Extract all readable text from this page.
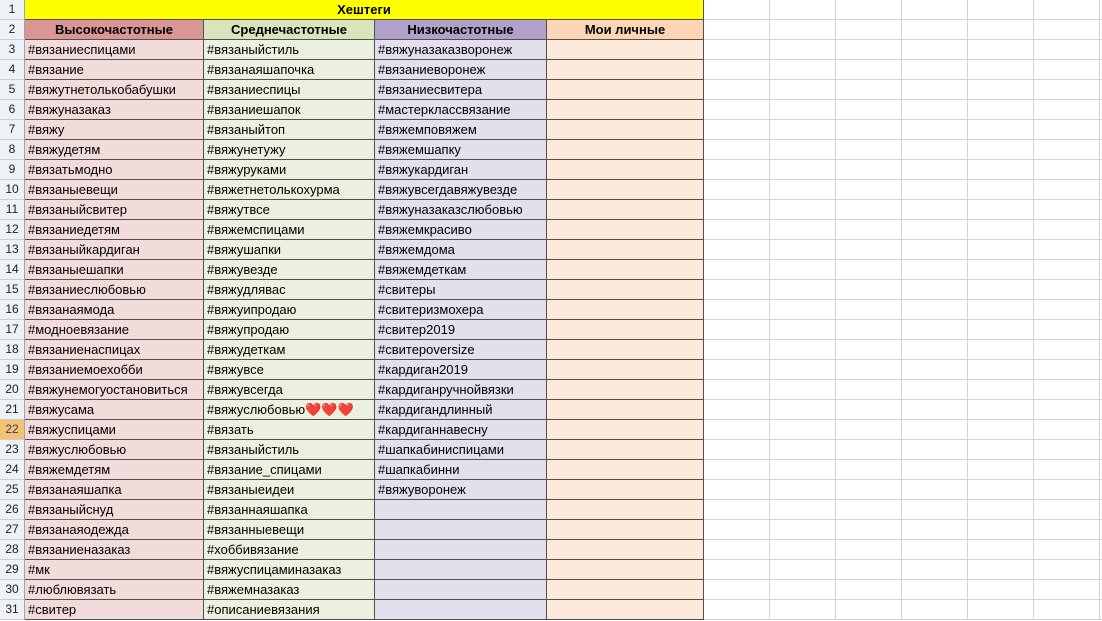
1	Хештеги
2	Высокочастотные	Среднечастотные	Низкочастотные	Мои личные
3 #вязаниеспицами	#вязаныйстиль	#вяжуназаказворонеж
4 #вязание	#вязанаяшапочка	#вязаниеворонеж
5 #вяжутнетолькобабушки	#вязаниеспицы	#вязаниесвитера
6 #вяжуназаказ	#вязаниешапок	#мастерклассвязание
7 #вяжу	#вязаныйтоп	#вяжемповяжем
8 #вяжудетям	#вяжунетужу	#вяжемшапку
9 #вязатьмодно	#вяжуруками	#вяжукардиган
10 #вязаныевещи	#вяжетнетолькохурма	#вяжувсегдавяжувезде
11 #вязаныйсвитер	#вяжутвсе	#вяжуназаказслюбовью
12 #вязаниедетям	#вяжемспицами	#вяжемкрасиво
13 #вязаныйкардиган	#вяжушапки	#вяжемдома
14 #вязаныешапки	#вяжувезде	#вяжемдеткам
15 #вязаниеслюбовью	#вяжудлявас	#свитеры
16 #вязанаямода	#вяжуипродаю	#свитеризмохера
17 #модноевязание	#вяжупродаю	#свитер2019
18 #вязаниенаспицах	#вяжудеткам	#свитерoversize
19 #вязаниемоехобби	#вяжувсе	#кардиган2019
20 #вяжунемогуостановиться	#вяжувсегда	#кардиганручнойвязки
21 #вяжусама	#вяжуслюбовью❤️❤️❤️	#кардигандлинный
22 #вяжуспицами	#вязать	#кардиганнавесну
23 #вяжуслюбовью	#вязаныйстиль	#шапкабиниспицами
24 #вяжемдетям	#вязание_спицами	#шапкабинни
25 #вязанаяшапка	#вязаныеидеи	#вяжуворонеж
26 #вязаныйснуд	#вязаннаяшапка
27 #вязанаяодежда	#вязанныевещи
28 #вязаниеназаказ	#хоббивязание
29 #мк	#вяжуспицаминазаказ
30 #люблювязать	#вяжемназаказ
31 #свитер	#описаниевязания
